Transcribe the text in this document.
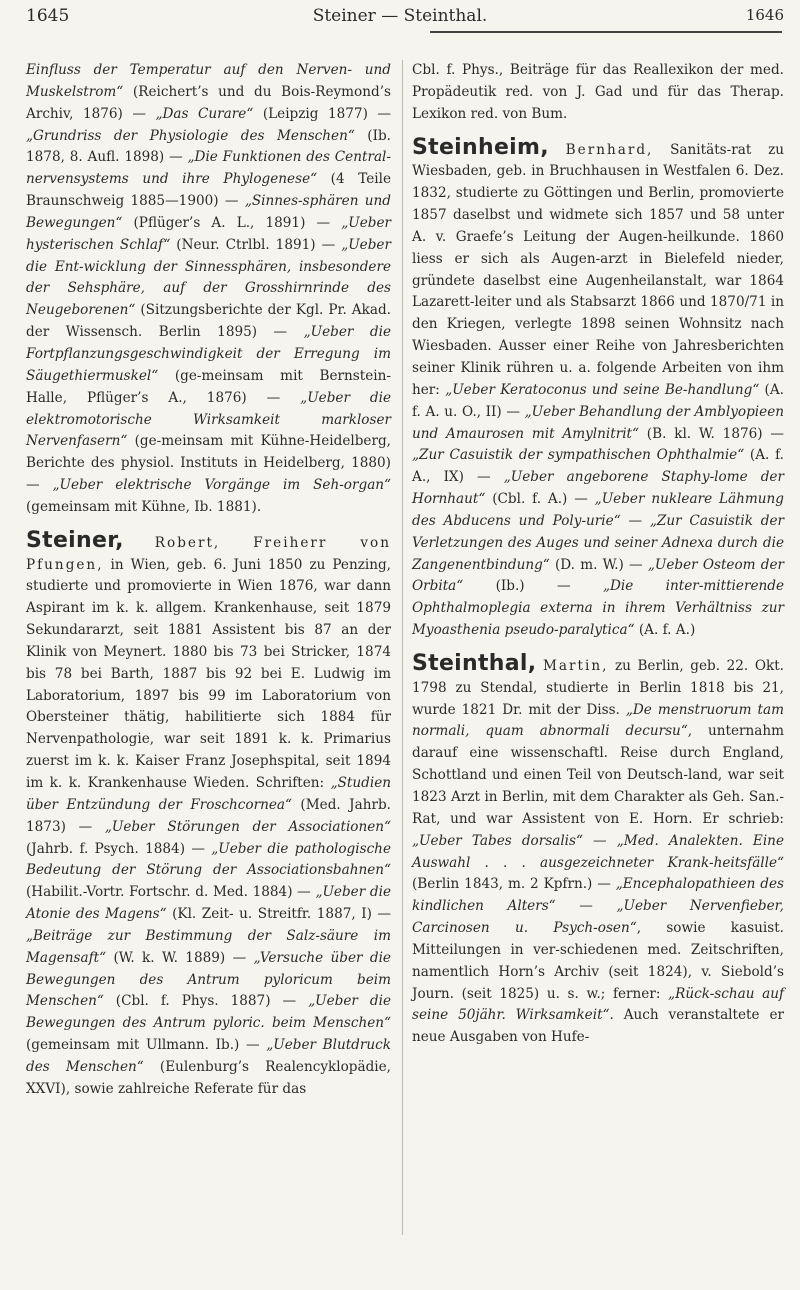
1645	Steiner — Steinthal.	1646

Einfluss der Temperatur auf den Nerven- und Muskelstrom“ (Reichert’s und du Bois-Reymond’s Archiv, 1876) — „Das Curare“ (Leipzig 1877) — „Grundriss der Physiologie des Menschen“ (Ib. 1878, 8. Aufl. 1898) — „Die Funktionen des Central-nervensystems und ihre Phylogenese“ (4 Teile Braunschweig 1885—1900) — „Sinnes-sphären und Bewegungen“ (Pflüger’s A. L., 1891) — „Ueber hysterischen Schlaf“ (Neur. Ctrlbl. 1891) — „Ueber die Ent-wicklung der Sinnessphären, insbesondere der Sehsphäre, auf der Grosshirnrinde des Neugeborenen“ (Sitzungsberichte der Kgl. Pr. Akad. der Wissensch. Berlin 1895) — „Ueber die Fortpflanzungsgeschwindigkeit der Erregung im Säugethiermuskel“ (ge-meinsam mit Bernstein-Halle, Pflüger’s A., 1876) — „Ueber die elektromotorische Wirksamkeit markloser Nervenfasern“ (ge-meinsam mit Kühne-Heidelberg, Berichte des physiol. Instituts in Heidelberg, 1880) — „Ueber elektrische Vorgänge im Seh-organ“ (gemeinsam mit Kühne, Ib. 1881).

Steiner, Robert, Freiherr von Pfungen, in Wien, geb. 6. Juni 1850 zu Penzing, studierte und promovierte in Wien 1876, war dann Aspirant im k. k. allgem. Krankenhause, seit 1879 Sekundararzt, seit 1881 Assistent bis 87 an der Klinik von Meynert. 1880 bis 73 bei Stricker, 1874 bis 78 bei Barth, 1887 bis 92 bei E. Ludwig im Laboratorium, 1897 bis 99 im Laboratorium von Obersteiner thätig, habilitierte sich 1884 für Nervenpathologie, war seit 1891 k. k. Primarius zuerst im k. k. Kaiser Franz Josephspital, seit 1894 im k. k. Krankenhause Wieden. Schriften: „Studien über Entzündung der Froschcornea“ (Med. Jahrb. 1873) — „Ueber Störungen der Associationen“ (Jahrb. f. Psych. 1884) — „Ueber die pathologische Bedeutung der Störung der Associationsbahnen“ (Habilit.-Vortr. Fortschr. d. Med. 1884) — „Ueber die Atonie des Magens“ (Kl. Zeit- u. Streitfr. 1887, I) — „Beiträge zur Bestimmung der Salz-säure im Magensaft“ (W. k. W. 1889) — „Versuche über die Bewegungen des Antrum pyloricum beim Menschen“ (Cbl. f. Phys. 1887) — „Ueber die Bewegungen des Antrum pyloric. beim Menschen“ (gemeinsam mit Ullmann. Ib.) — „Ueber Blutdruck des Menschen“ (Eulenburg’s Realencyklopädie, XXVI), sowie zahlreiche Referate für das

Cbl. f. Phys., Beiträge für das Reallexikon der med. Propädeutik red. von J. Gad und für das Therap. Lexikon red. von Bum.

Steinheim, Bernhard, Sanitäts-rat zu Wiesbaden, geb. in Bruchhausen in Westfalen 6. Dez. 1832, studierte zu Göttingen und Berlin, promovierte 1857 daselbst und widmete sich 1857 und 58 unter A. v. Graefe’s Leitung der Augen-heilkunde. 1860 liess er sich als Augen-arzt in Bielefeld nieder, gründete daselbst eine Augenheilanstalt, war 1864 Lazarett-leiter und als Stabsarzt 1866 und 1870/71 in den Kriegen, verlegte 1898 seinen Wohnsitz nach Wiesbaden. Ausser einer Reihe von Jahresberichten seiner Klinik rühren u. a. folgende Arbeiten von ihm her: „Ueber Keratoconus und seine Be-handlung“ (A. f. A. u. O., II) — „Ueber Behandlung der Amblyopieen und Amaurosen mit Amylnitrit“ (B. kl. W. 1876) — „Zur Casuistik der sympathischen Ophthalmie“ (A. f. A., IX) — „Ueber angeborene Staphy-lome der Hornhaut“ (Cbl. f. A.) — „Ueber nukleare Lähmung des Abducens und Poly-urie“ — „Zur Casuistik der Verletzungen des Auges und seiner Adnexa durch die Zangenentbindung“ (D. m. W.) — „Ueber Osteom der Orbita“ (Ib.) — „Die inter-mittierende Ophthalmoplegia externa in ihrem Verhältniss zur Myoasthenia pseudo-paralytica“ (A. f. A.)

Steinthal, Martin, zu Berlin, geb. 22. Okt. 1798 zu Stendal, studierte in Berlin 1818 bis 21, wurde 1821 Dr. mit der Diss. „De menstruorum tam normali, quam abnormali decursu“, unternahm darauf eine wissenschaftl. Reise durch England, Schottland und einen Teil von Deutsch-land, war seit 1823 Arzt in Berlin, mit dem Charakter als Geh. San.-Rat, und war Assistent von E. Horn. Er schrieb: „Ueber Tabes dorsalis“ — „Med. Analekten. Eine Auswahl . . . ausgezeichneter Krank-heitsfälle“ (Berlin 1843, m. 2 Kpfrn.) — „Encephalopathieen des kindlichen Alters“ — „Ueber Nervenfieber, Carcinosen u. Psych-osen“, sowie kasuist. Mitteilungen in ver-schiedenen med. Zeitschriften, namentlich Horn’s Archiv (seit 1824), v. Siebold’s Journ. (seit 1825) u. s. w.; ferner: „Rück-schau auf seine 50jähr. Wirksamkeit“. Auch veranstaltete er neue Ausgaben von Hufe-
